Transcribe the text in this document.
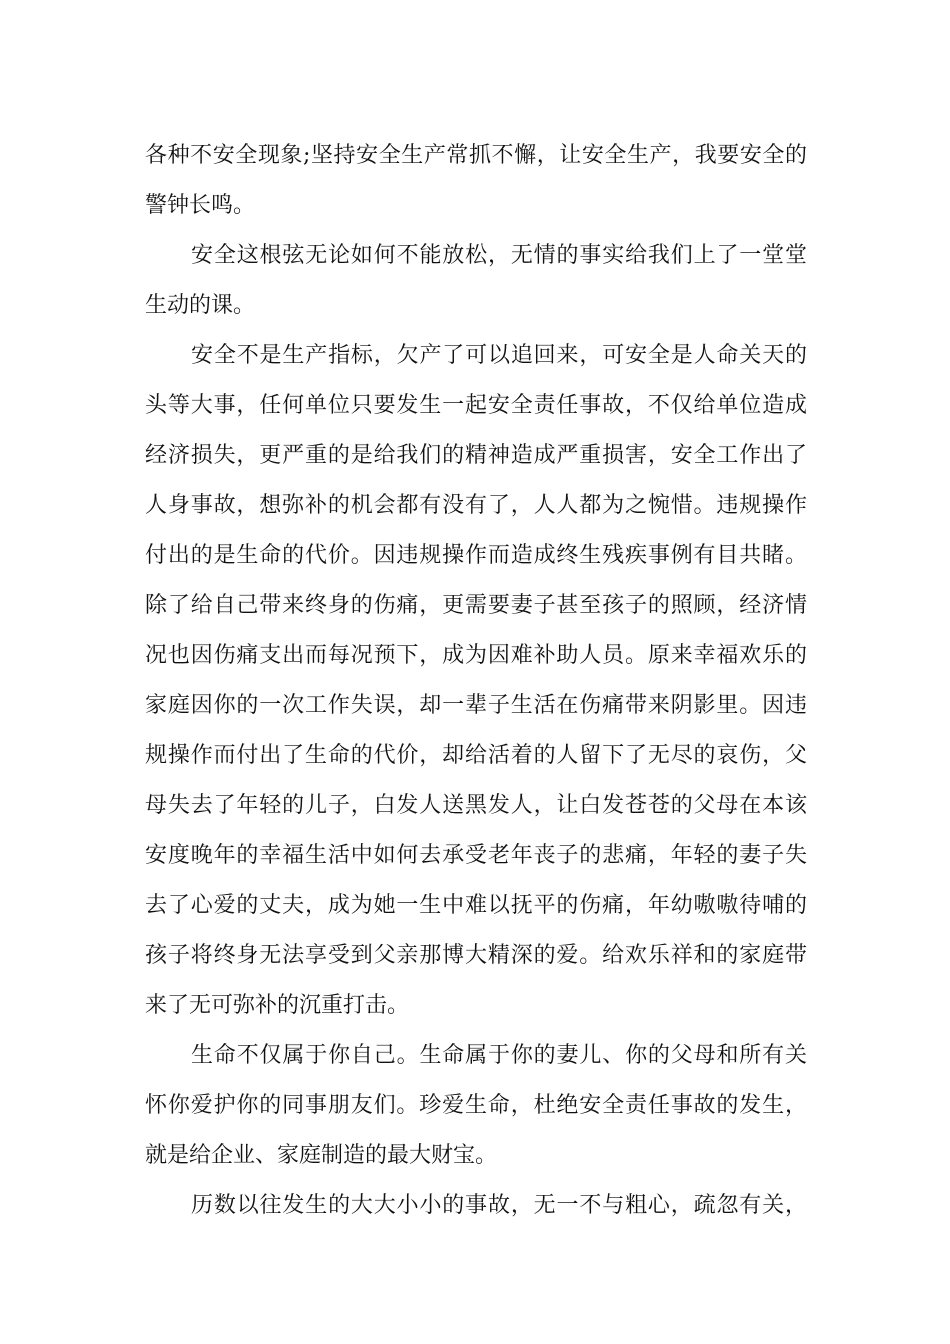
各种不安全现象;坚持安全生产常抓不懈，让安全生产，我要安全的
警钟长鸣。
安全这根弦无论如何不能放松，无情的事实给我们上了一堂堂
生动的课。
安全不是生产指标，欠产了可以追回来，可安全是人命关天的
头等大事，任何单位只要发生一起安全责任事故，不仅给单位造成
经济损失，更严重的是给我们的精神造成严重损害，安全工作出了
人身事故，想弥补的机会都有没有了，人人都为之惋惜。违规操作
付出的是生命的代价。因违规操作而造成终生残疾事例有目共睹。
除了给自己带来终身的伤痛，更需要妻子甚至孩子的照顾，经济情
况也因伤痛支出而每况预下，成为因难补助人员。原来幸福欢乐的
家庭因你的一次工作失误，却一辈子生活在伤痛带来阴影里。因违
规操作而付出了生命的代价，却给活着的人留下了无尽的哀伤，父
母失去了年轻的儿子，白发人送黑发人，让白发苍苍的父母在本该
安度晚年的幸福生活中如何去承受老年丧子的悲痛，年轻的妻子失
去了心爱的丈夫，成为她一生中难以抚平的伤痛，年幼嗷嗷待哺的
孩子将终身无法享受到父亲那博大精深的爱。给欢乐祥和的家庭带
来了无可弥补的沉重打击。
生命不仅属于你自己。生命属于你的妻儿、你的父母和所有关
怀你爱护你的同事朋友们。珍爱生命，杜绝安全责任事故的发生，
就是给企业、家庭制造的最大财宝。
历数以往发生的大大小小的事故，无一不与粗心，疏忽有关，
